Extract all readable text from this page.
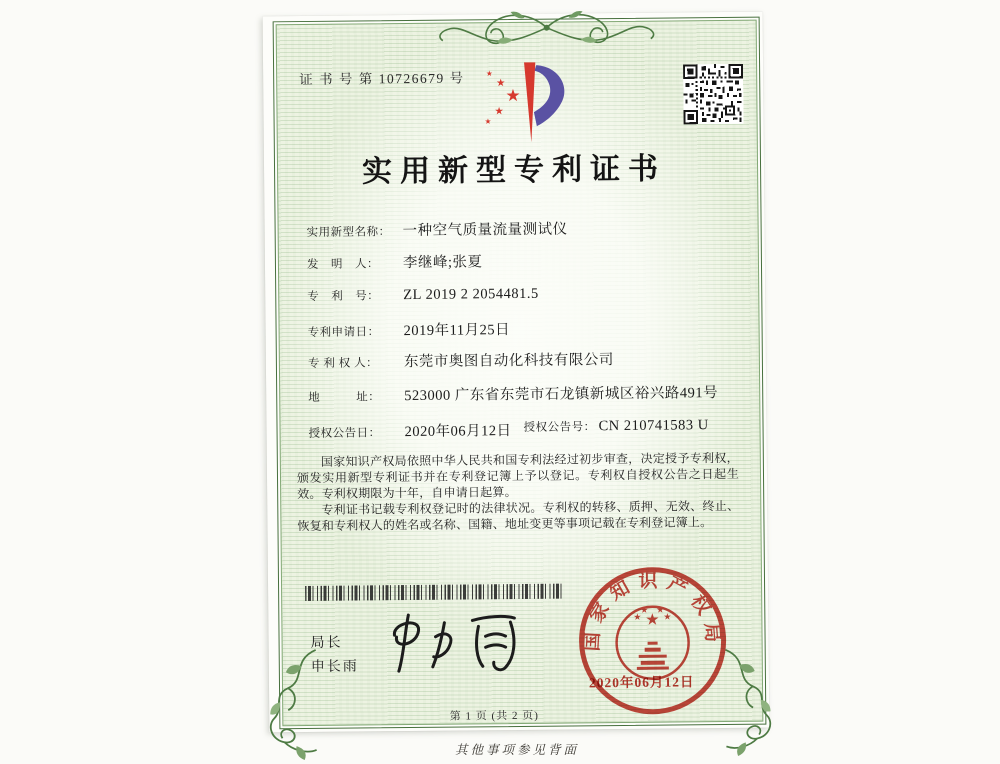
证 书 号 第 10726679 号
★
★
★
★
★
实用新型专利证书
实用新型名称： 一种空气质量流量测试仪
发　明　人： 李继峰;张夏
专　利　号： ZL 2019 2 2054481.5
专利申请日： 2019年11月25日
专 利 权 人： 东莞市奥图自动化科技有限公司
地　　　址： 523000 广东省东莞市石龙镇新城区裕兴路491号
授权公告日： 2020年06月12日 授权公告号： CN 210741583 U

国家知识产权局依照中华人民共和国专利法经过初步审查，决定授予专利权，颁发实用新型专利证书并在专利登记簿上予以登记。专利权自授权公告之日起生效。专利权期限为十年，自申请日起算。

专利证书记载专利权登记时的法律状况。专利权的转移、质押、无效、终止、恢复和专利权人的姓名或名称、国籍、地址变更等事项记载在专利登记簿上。

局长
申长雨
国家知识产权局
★
★
★ ★
★
2020年06月12日
第 1 页 (共 2 页)
其他事项参见背面
